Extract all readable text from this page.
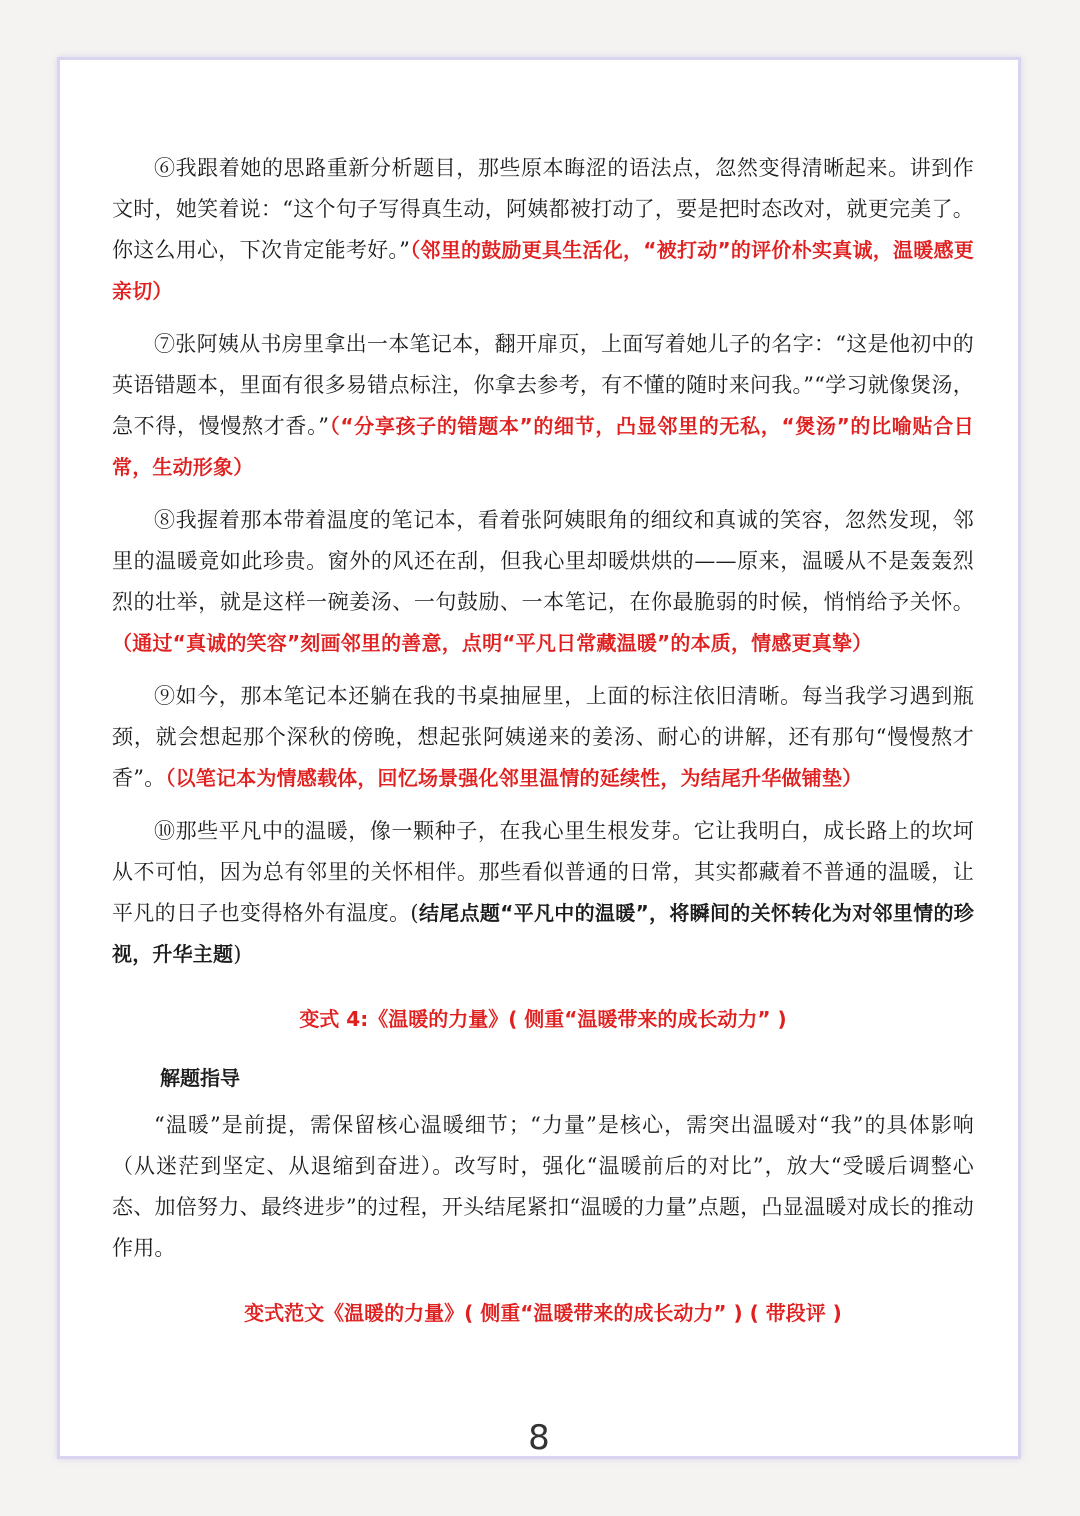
⑥我跟着她的思路重新分析题目，那些原本晦涩的语法点，忽然变得清晰起来。讲到作文时，她笑着说：“这个句子写得真生动，阿姨都被打动了，要是把时态改对，就更完美了。你这么用心，下次肯定能考好。”（邻里的鼓励更具生活化，“被打动”的评价朴实真诚，温暖感更亲切）

⑦张阿姨从书房里拿出一本笔记本，翻开扉页，上面写着她儿子的名字：“这是他初中的英语错题本，里面有很多易错点标注，你拿去参考，有不懂的随时来问我。”“学习就像煲汤，急不得，慢慢熬才香。”（“分享孩子的错题本”的细节，凸显邻里的无私，“煲汤”的比喻贴合日常，生动形象）

⑧我握着那本带着温度的笔记本，看着张阿姨眼角的细纹和真诚的笑容，忽然发现，邻里的温暖竟如此珍贵。窗外的风还在刮，但我心里却暖烘烘的——原来，温暖从不是轰轰烈烈的壮举，就是这样一碗姜汤、一句鼓励、一本笔记，在你最脆弱的时候，悄悄给予关怀。（通过“真诚的笑容”刻画邻里的善意，点明“平凡日常藏温暖”的本质，情感更真挚）

⑨如今，那本笔记本还躺在我的书桌抽屉里，上面的标注依旧清晰。每当我学习遇到瓶颈，就会想起那个深秋的傍晚，想起张阿姨递来的姜汤、耐心的讲解，还有那句“慢慢熬才香”。（以笔记本为情感载体，回忆场景强化邻里温情的延续性，为结尾升华做铺垫）

⑩那些平凡中的温暖，像一颗种子，在我心里生根发芽。它让我明白，成长路上的坎坷从不可怕，因为总有邻里的关怀相伴。那些看似普通的日常，其实都藏着不普通的温暖，让平凡的日子也变得格外有温度。(结尾点题“平凡中的温暖”，将瞬间的关怀转化为对邻里情的珍视，升华主题)

变式 4:《温暖的力量》( 侧重“温暖带来的成长动力” )
解题指导

“温暖”是前提，需保留核心温暖细节；“力量”是核心，需突出温暖对“我”的具体影响（从迷茫到坚定、从退缩到奋进）。改写时，强化“温暖前后的对比”，放大“受暖后调整心态、加倍努力、最终进步”的过程，开头结尾紧扣“温暖的力量”点题，凸显温暖对成长的推动作用。

变式范文《温暖的力量》( 侧重“温暖带来的成长动力” ) ( 带段评 )
8
